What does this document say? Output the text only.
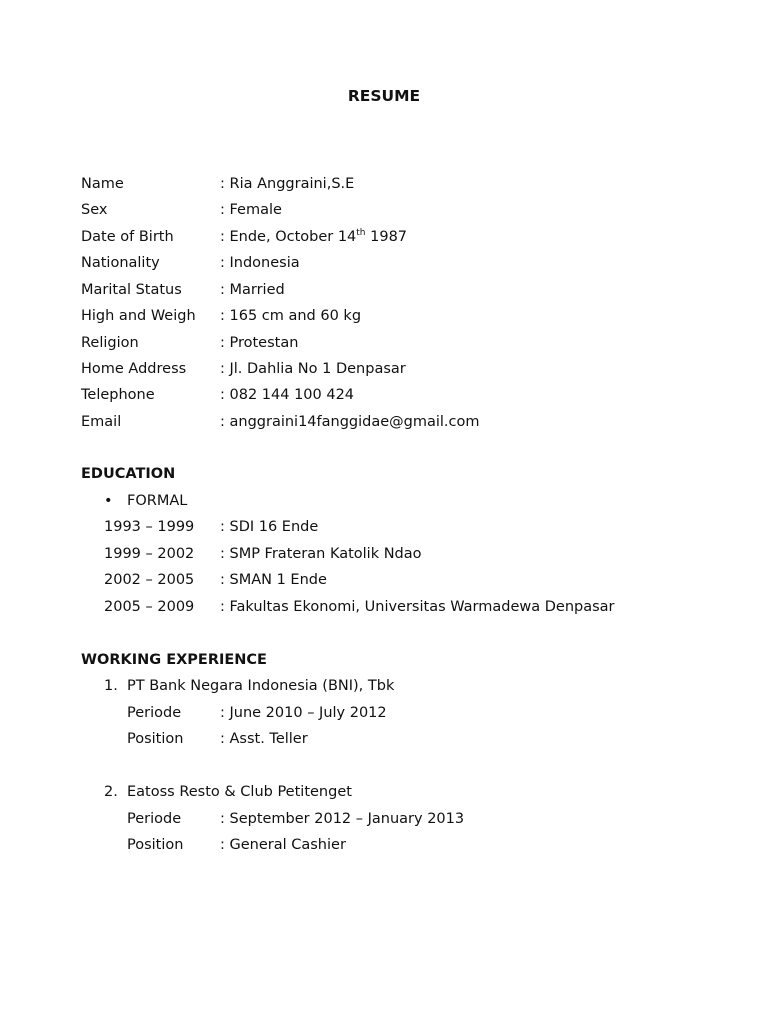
RESUME
Name	: Ria Anggraini,S.E
Sex	: Female
Date of Birth	: Ende, October 14th 1987
Nationality	: Indonesia
Marital Status	: Married
High and Weigh : 165 cm and 60 kg
Religion	: Protestan
Home Address : Jl. Dahlia No 1 Denpasar
Telephone	: 082 144 100 424
Email	: anggraini14fanggidae@gmail.com
EDUCATION
• FORMAL
1993 – 1999 : SDI 16 Ende
1999 – 2002 : SMP Frateran Katolik Ndao
2002 – 2005 : SMAN 1 Ende
2005 – 2009 : Fakultas Ekonomi, Universitas Warmadewa Denpasar
WORKING EXPERIENCE
1. PT Bank Negara Indonesia (BNI), Tbk
Periode	: June 2010 – July 2012
Position	: Asst. Teller
2. Eatoss Resto & Club Petitenget
Periode	: September 2012 – January 2013
Position	: General Cashier
